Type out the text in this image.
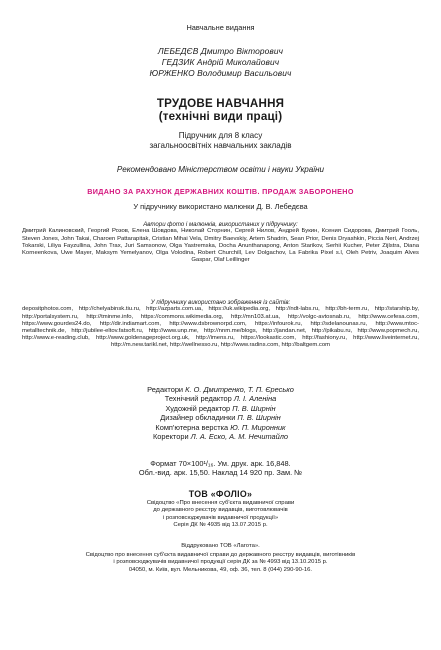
Навчальне видання

ЛЕБЕДЄВ Дмитро Вікторович
ГЕДЗИК Андрій Миколайович
ЮРЖЕНКО Володимир Васильович
ТРУДОВЕ НАВЧАННЯ
(технічні види праці)
Підручник для 8 класу
загальноосвітніх навчальних закладів

Рекомендовано Міністерством освіти і науки України

ВИДАНО ЗА РАХУНОК ДЕРЖАВНИХ КОШТІВ. ПРОДАЖ ЗАБОРОНЕНО

У підручнику використано малюнки Д. В. Лебедєва

Автори фото і малюнків, використаних у підручнику:
Дмитрий Калиновский, Георгий Розов, Елена Шовдова, Николай Сторнин, Сергей Нилов, Андрей Букин, Ксения Сидорова, Дмитрий Гооль, Steven Jones, John Takai, Charoen Pattarapitak, Cristian Mihai Vela, Dmitry Baevskiy, Artem Shadrin, Sean Prior, Denis Dryashkin, Piccia Neri, Andrzej Tokarski, Liliya Fayzullina, John Trax, Juri Samsonow, Olga Yastremska, Docha Anunthanapong, Anton Starikov, Serhii Kucher, Peter Zijlstra, Diana Korneenkova, Uwe Mayer, Maksym Yemelyanov, Olga Volodina, Robert Churchill, Lev Dolgachov, La Fabrika Pixel s.l, Oleh Petriv, Joaquim Alves Gaspar, Olaf Leillinger
У підручнику використано зображення із сайтів:
depositphotos.com, http://chelyabinsk.tiu.ru, http://azparts.com.ua, https://uk.wikipedia.org, http://ndt-labs.ru, http://bh-term.ru, http://starship.by, http://portalsystem.ru, http://tminme.info, https://commons.wikimedia.org, http://mn103.at.ua, http://volgc-avtosnab.ru, http://www.cefesa.com, https://www.gourdes24.do, http://dir.indiamart.com, http://www.dsbrownorpd.com, https://infourok.ru, http://sdelanounas.ru, http://www.mtoc-metalltechnik.de, http://jubilee-eltov.fatsoft.ru, http://www.unp.me, http://nnm.me/blogs, http://jandan.net, http://pikabu.ru, http://www.popmech.ru, http://www.e-reading.club, http://www.goldenageproject.org.uk, http://imens.ru, https://lookastic.com, http://fashiony.ru, http://www.liveinternet.ru, http://m.new.tarikl.net, http://wellnesso.ru, http://www.radins.com, http://baltgem.com
Редактори К. О. Дмитренко, Т. П. Єресько
Технічний редактор Л. І. Аленіна
Художній редактор П. В. Ширнін
Дизайнер обкладинки П. В. Ширнін
Комп'ютерна верстка Ю. П. Миронник
Коректори Л. А. Еско, А. М. Нечитайло
Формат 70×100¹/₁₆. Ум. друк. арк. 16,848.
Обл.-вид. арк. 15,50. Наклад 14 920 пр. Зам. №
ТОВ «ФОЛІО»
Свідоцтво «Про внесення суб'єкта видавничої справи
до державного реєстру видавців, виготовлювачів
і розповсюджувачів видавничої продукції»
Серія ДК № 4935 від 13.07.2015 р.
Віддруковано ТОВ «Лагота».
Свідоцтво про внесення суб'єкта видавничої справи до державного реєстру видавців, виготівників
і розповсюджувачів видавничої продукції серія ДК за № 4993 від 13.10.2015 р.
04050, м. Київ, вул. Мельникова, 49, оф. 36, тел. 8 (044) 290-90-16.
